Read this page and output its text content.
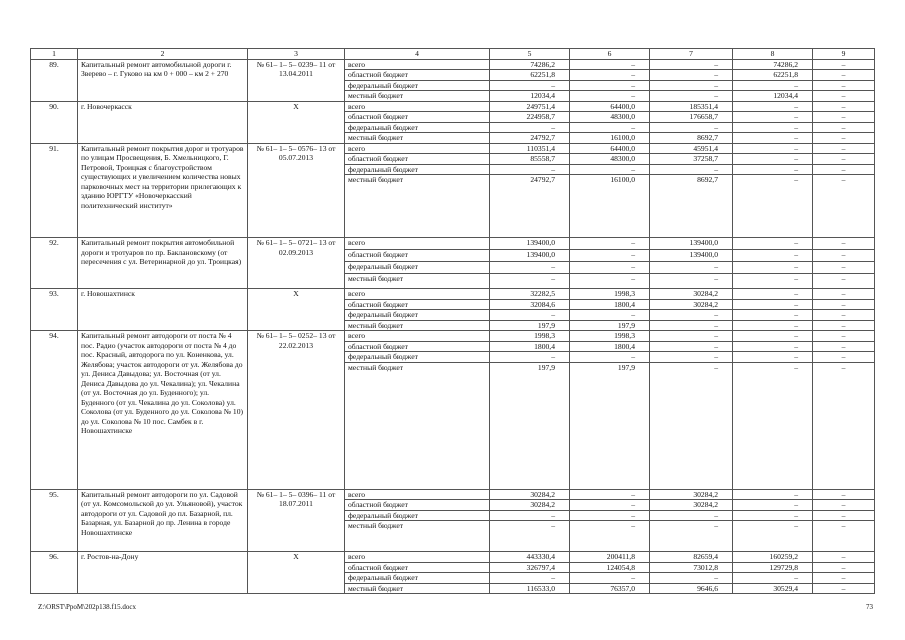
1	2	3	4	5	6	7	8	9
89.	Капитальный ремонт автомобильной дороги г. Зверево – г. Гуково на км 0 + 000 – км 2 + 270	№ 61– 1– 5– 0239– 11 от 13.04.2011	всего	74286,2	–	–	74286,2	–
			областной бюджет	62251,8	–	–	62251,8	–
			федеральный бюджет	–	–	–	–	–
			местный бюджет	12034,4	–	–	12034,4	–
90.	г. Новочеркасск	Х	всего	249751,4	64400,0	185351,4	–	–
			областной бюджет	224958,7	48300,0	176658,7	–	–
			федеральный бюджет	–	–	–	–	–
			местный бюджет	24792,7	16100,0	8692,7	–	–
91.	Капитальный ремонт покрытия дорог и тротуаров по улицам Просвещения, Б. Хмельницкого, Г. Петровой, Троицкая с благоустройством существующих и увеличением количества новых парковочных мест на территории прилегающих к зданию ЮРГТУ «Новочеркасский политехнический институт»	№ 61– 1– 5– 0576– 13 от 05.07.2013	всего	110351,4	64400,0	45951,4	–	–
			областной бюджет	85558,7	48300,0	37258,7	–	–
			федеральный бюджет	–	–	–	–	–
			местный бюджет	24792,7	16100,0	8692,7	–	–
92.	Капитальный ремонт покрытия автомобильной дороги и тротуаров по пр. Баклановскому (от пересечения с ул. Ветеринарной до ул. Троицкая)	№ 61– 1– 5– 0721– 13 от 02.09.2013	всего	139400,0	–	139400,0	–	–
			областной бюджет	139400,0	–	139400,0	–	–
			федеральный бюджет	–	–	–	–	–
			местный бюджет	–	–	–	–	–
93.	г. Новошахтинск	Х	всего	32282,5	1998,3	30284,2	–	–
			областной бюджет	32084,6	1800,4	30284,2	–	–
			федеральный бюджет	–	–	–	–	–
			местный бюджет	197,9	197,9	–	–	–
94.	Капитальный ремонт автодороги от поста № 4 пос. Радио (участок автодороги от поста № 4 до пос. Красный, автодорога по ул. Коненкова, ул. Желябова; участок автодороги от ул. Желябова до ул. Дениса Давыдова; ул. Восточная (от ул. Дениса Давыдова до ул. Чекалина); ул. Чекалина (от ул. Восточная до ул. Буденного); ул. Буденного (от ул. Чекалина до ул. Соколова) ул. Соколова (от ул. Буденного до ул. Соколова № 10) до ул. Соколова № 10 пос. Самбек в г. Новошахтинске	№ 61– 1– 5– 0252– 13 от 22.02.2013	всего	1998,3	1998,3	–	–	–
			областной бюджет	1800,4	1800,4	–	–	–
			федеральный бюджет	–	–	–	–	–
			местный бюджет	197,9	197,9	–	–	–
95.	Капитальный ремонт автодороги по ул. Садовой (от ул. Комсомольской до ул. Ульяновой), участок автодороги от ул. Садовой до пл. Базарной, пл. Базарная, ул. Базарной до пр. Ленина в городе Новошахтинске	№ 61– 1– 5– 0396– 11 от 18.07.2011	всего	30284,2	–	30284,2	–	–
			областной бюджет	30284,2	–	30284,2	–	–
			федеральный бюджет	–	–	–	–	–
			местный бюджет	–	–	–	–	–
96.	г. Ростов-на-Дону	Х	всего	443330,4	200411,8	82659,4	160259,2	–
			областной бюджет	326797,4	124054,8	73012,8	129729,8	–
			федеральный бюджет	–	–	–	–	–
			местный бюджет	116533,0	76357,0	9646,6	30529,4	–
Z:\ORST\PpoM\202p138.f15.docx	73
